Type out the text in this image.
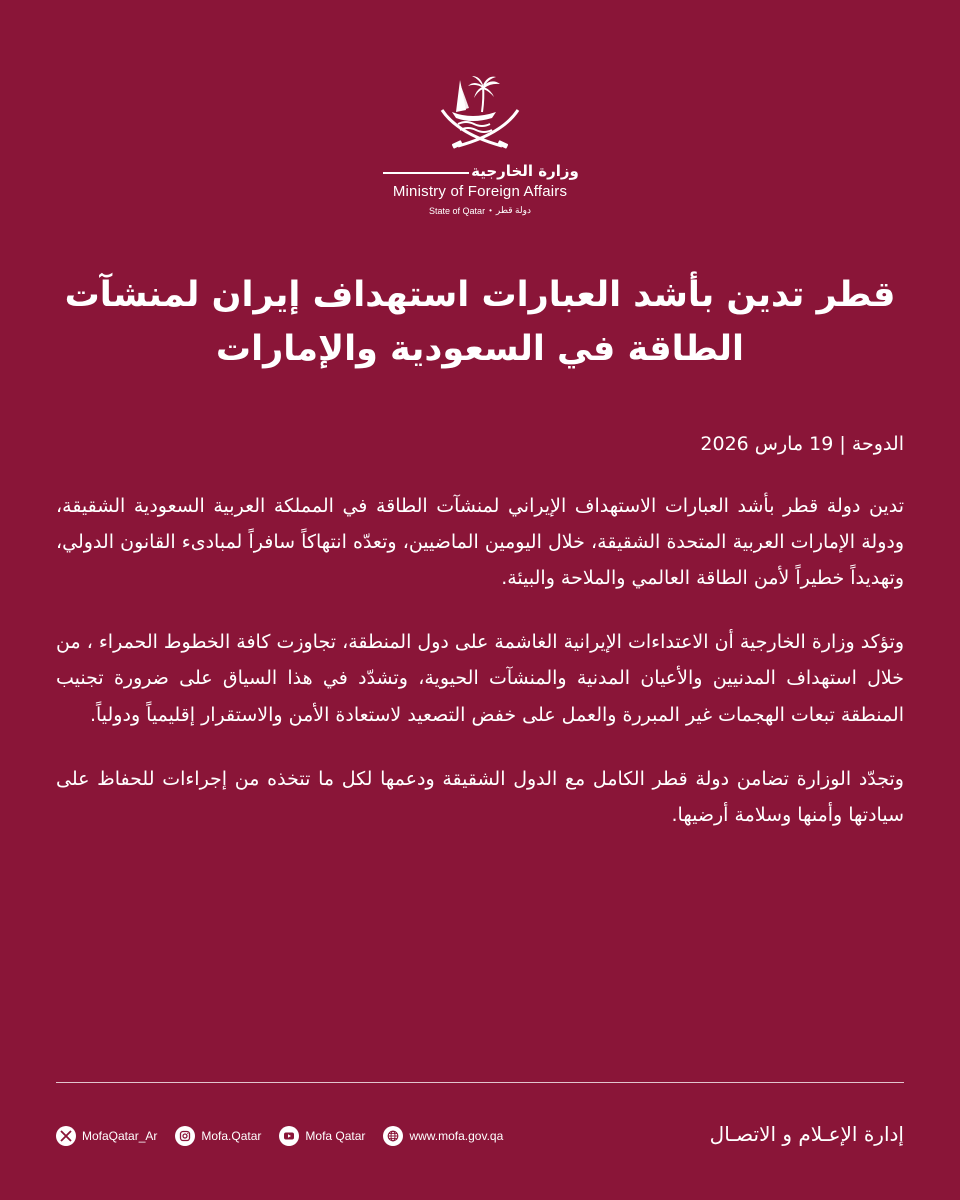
وزارة الخارجية
Ministry of Foreign Affairs
State of Qatar • دولة قطر
قطر تدين بأشد العبارات استهداف إيران لمنشآت
الطاقة في السعودية والإمارات
الدوحة | 19 مارس 2026

تدين دولة قطر بأشد العبارات الاستهداف الإيراني لمنشآت الطاقة في المملكة العربية السعودية الشقيقة، ودولة الإمارات العربية المتحدة الشقيقة، خلال اليومين الماضيين، وتعدّه انتهاكاً سافراً لمبادىء القانون الدولي، وتهديداً خطيراً لأمن الطاقة العالمي والملاحة والبيئة.

وتؤكد وزارة الخارجية أن الاعتداءات الإيرانية الغاشمة على دول المنطقة، تجاوزت كافة الخطوط الحمراء ، من خلال استهداف المدنيين والأعيان المدنية والمنشآت الحيوية، وتشدّد في هذا السياق على ضرورة تجنيب المنطقة تبعات الهجمات غير المبررة والعمل على خفض التصعيد لاستعادة الأمن والاستقرار إقليمياً ودولياً.

وتجدّد الوزارة تضامن دولة قطر الكامل مع الدول الشقيقة ودعمها لكل ما تتخذه من إجراءات للحفاظ على سيادتها وأمنها وسلامة أرضيها.

إدارة الإعـلام و الاتصـال
MofaQatar_Ar	Mofa.Qatar	Mofa Qatar	www.mofa.gov.qa
